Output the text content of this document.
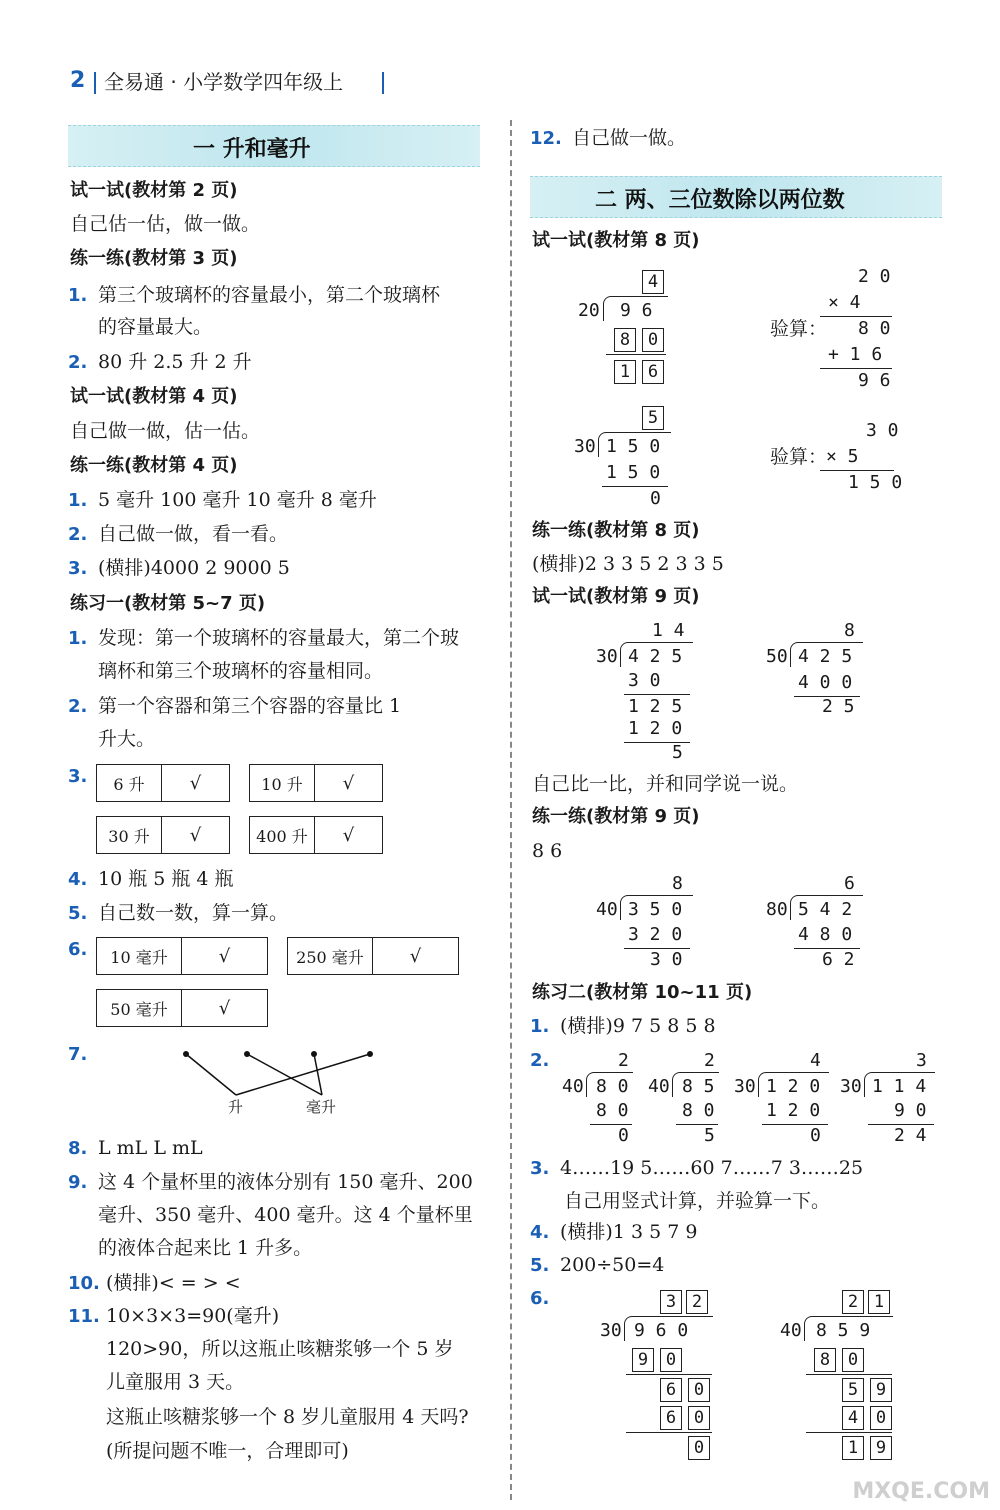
2 全易通 · 小学数学四年级上
一 升和毫升
试一试(教材第 2 页)
自己估一估，做一做。
练一练(教材第 3 页)
1. 第三个玻璃杯的容量最小，第二个玻璃杯
的容量最大。
2. 80 升 2.5 升 2 升
试一试(教材第 4 页)
自己做一做，估一估。
练一练(教材第 4 页)
1. 5 毫升 100 毫升 10 毫升 8 毫升
2. 自己做一做，看一看。
3. (横排)4000 2 9000 5
练习一(教材第 5~7 页)
1. 发现：第一个玻璃杯的容量最大，第二个玻
璃杯和第三个玻璃杯的容量相同。
2. 第一个容器和第三个容器的容量比 1
升大。
3.	6 升	√	10 升	√
30 升	√	400 升	√
4. 10 瓶 5 瓶 4 瓶
5. 自己数一数，算一算。
6.	10 毫升	√	250 毫升	√
50 毫升	√
7.
升	毫升
8. L mL L mL
9. 这 4 个量杯里的液体分别有 150 毫升、200
毫升、350 毫升、400 毫升。这 4 个量杯里
的液体合起来比 1 升多。
10. (横排)< = > <
11. 10×3×3=90(毫升)
120>90，所以这瓶止咳糖浆够一个 5 岁
儿童服用 3 天。
这瓶止咳糖浆够一个 8 岁儿童服用 4 天吗?
(所提问题不唯一，合理即可)
12. 自己做一做。
二 两、三位数除以两位数
试一试(教材第 8 页)
4
20 9 6
8	0
1	6
2 0
× 4
验算： 8 0
+ 1 6
9 6
5
30 1 5 0
1 5 0
0
3 0
验算：
× 5
1 5 0
练一练(教材第 8 页)
(横排)2 3 3 5 2 3 3 5
试一试(教材第 9 页)
1 4
30 4 2 5
3 0
1 2 5
1 2 0
5
8
50 4 2 5
4 0 0
2 5
自己比一比，并和同学说一说。
练一练(教材第 9 页)
8 6
8
40 3 5 0
3 2 0
3 0
6
80 5 4 2
4 8 0
6 2
练习二(教材第 10~11 页)
1. (横排)9 7 5 8 5 8
2.	2
40 8 0
8 0
0
2
40 8 5
8 0
5
4
30 1 2 0
1 2 0
0
3
30 1 1 4
9 0
2 4
3. 4……19 5……60 7……7 3……25
自己用竖式计算，并验算一下。
4. (横排)1 3 5 7 9
5. 200÷50=4
6.	3 2
30 9 6 0
9	0
6	0
6	0
0
2 1
40 8 5 9
8	0
5	9
4	0
1	9
MXQE.COM
